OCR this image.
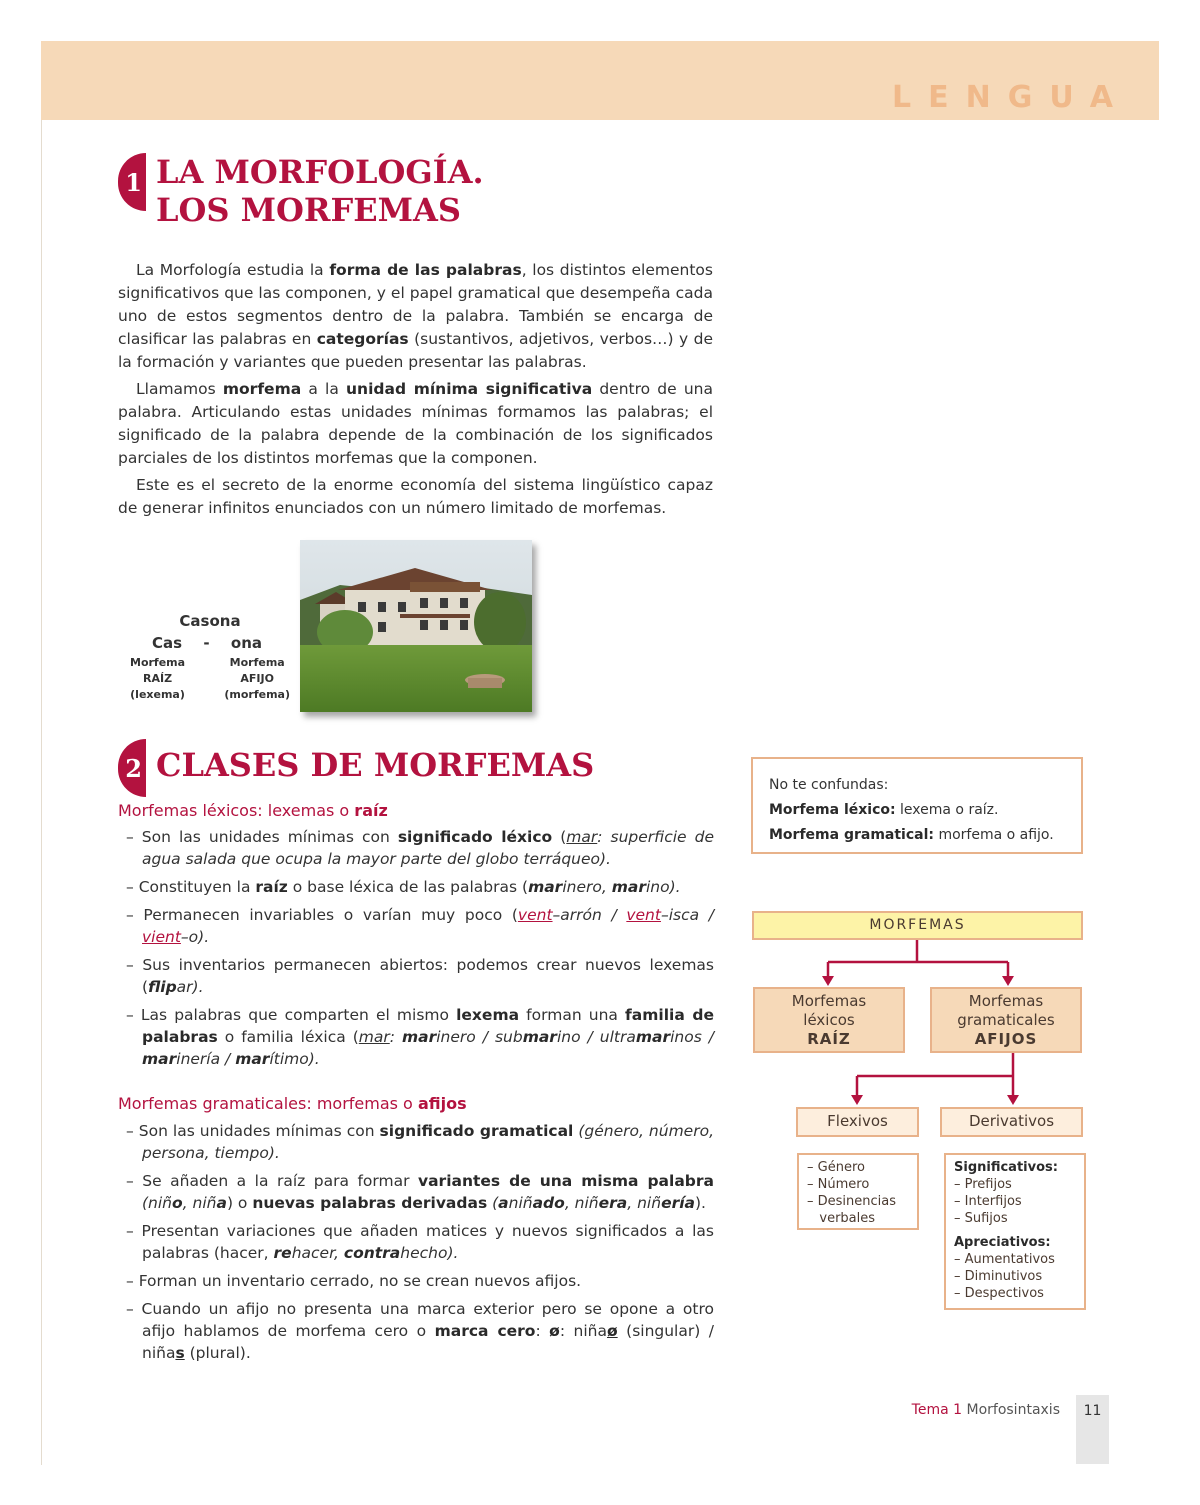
LENGUA
1 LA MORFOLOGÍA.
LOS MORFEMAS

La Morfología estudia la forma de las palabras, los distintos elementos significativos que las componen, y el papel gramatical que desempeña cada uno de estos segmentos dentro de la palabra. También se encarga de clasificar las palabras en categorías (sustantivos, adjetivos, verbos…) y de la formación y variantes que pueden presentar las palabras.

Llamamos morfema a la unidad mínima significativa dentro de una palabra. Articulando estas unidades mínimas formamos las palabras; el significado de la palabra depende de la combinación de los significados parciales de los distintos morfemas que la componen.

Este es el secreto de la enorme economía del sistema lingüístico capaz de generar infinitos enunciados con un número limitado de morfemas.

Casona
Cas - ona
Morfema
RAÍZ
(lexema)
Morfema
AFIJO
(morfema)
2 CLASES DE MORFEMAS
Morfemas léxicos: lexemas o raíz
– Son las unidades mínimas con significado léxico (mar: superficie de agua salada que ocupa la mayor parte del globo terráqueo).
– Constituyen la raíz o base léxica de las palabras (marinero, marino).
– Permanecen invariables o varían muy poco (vent–arrón / vent–isca / vient–o).
– Sus inventarios permanecen abiertos: podemos crear nuevos lexemas (flipar).
– Las palabras que comparten el mismo lexema forman una familia de palabras o familia léxica (mar: marinero / submarino / ultramarinos / marinería / marítimo).
Morfemas gramaticales: morfemas o afijos
– Son las unidades mínimas con significado gramatical (género, número, persona, tiempo).
– Se añaden a la raíz para formar variantes de una misma palabra (niño, niña) o nuevas palabras derivadas (aniñado, niñera, niñería).
– Presentan variaciones que añaden matices y nuevos significados a las palabras (hacer, rehacer, contrahecho).
– Forman un inventario cerrado, no se crean nuevos afijos.
– Cuando un afijo no presenta una marca exterior pero se opone a otro afijo hablamos de morfema cero o marca cero: ø: niñaø (singular) / niñas (plural).
No te confundas:
Morfema léxico: lexema o raíz.
Morfema gramatical: morfema o afijo.
MORFEMAS
Morfemas
léxicos
RAÍZ
Morfemas
gramaticales
AFIJOS
Flexivos	Derivativos
– Género
– Número
– Desinencias
verbales
Significativos:
– Prefijos
– Interfijos
– Sufijos
Apreciativos:
– Aumentativos
– Diminutivos
– Despectivos
Tema 1 Morfosintaxis	11
